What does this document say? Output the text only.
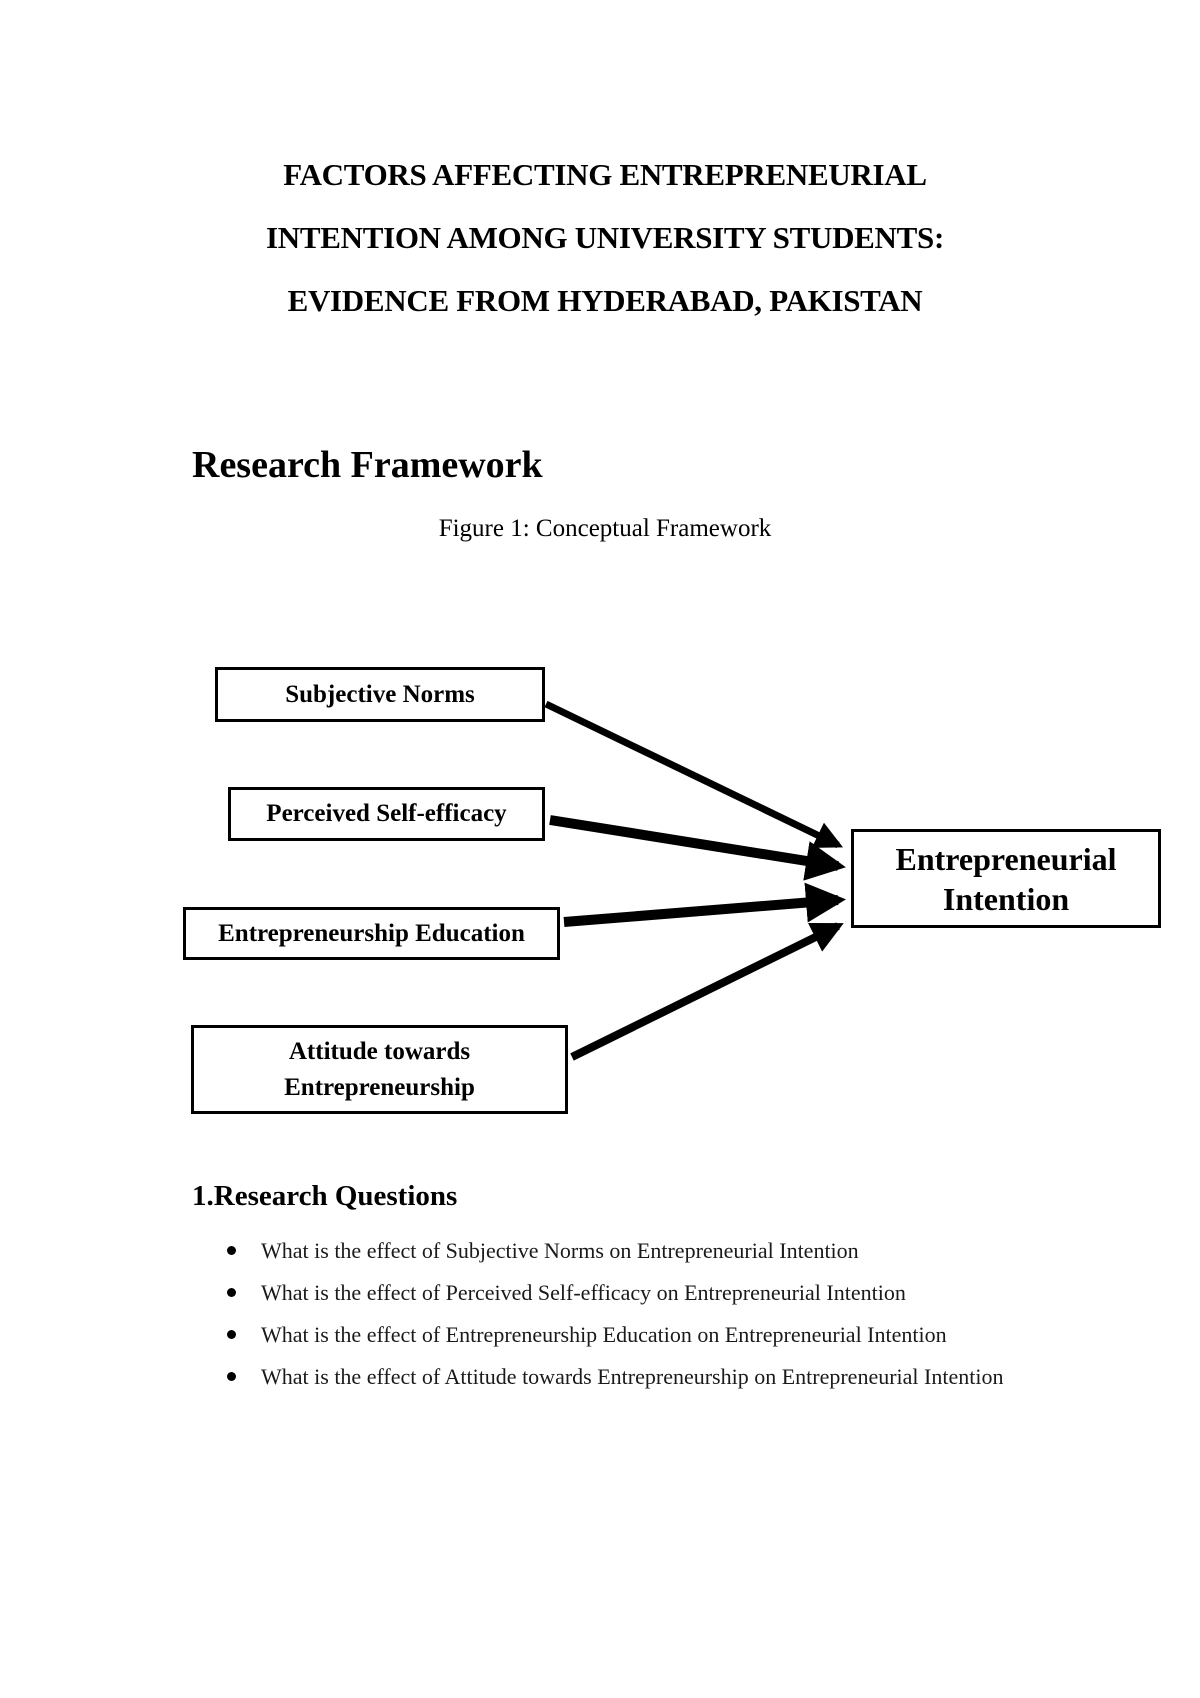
FACTORS AFFECTING ENTREPRENEURIAL
INTENTION AMONG UNIVERSITY STUDENTS:
EVIDENCE FROM HYDERABAD, PAKISTAN
Research Framework
Figure 1: Conceptual Framework
Subjective Norms
Perceived Self-efficacy
Entrepreneurship Education
Attitude towards
Entrepreneurship
Entrepreneurial
Intention
1.Research Questions
What is the effect of Subjective Norms on Entrepreneurial Intention
What is the effect of Perceived Self-efficacy on Entrepreneurial Intention
What is the effect of Entrepreneurship Education on Entrepreneurial Intention
What is the effect of Attitude towards Entrepreneurship on Entrepreneurial Intention
